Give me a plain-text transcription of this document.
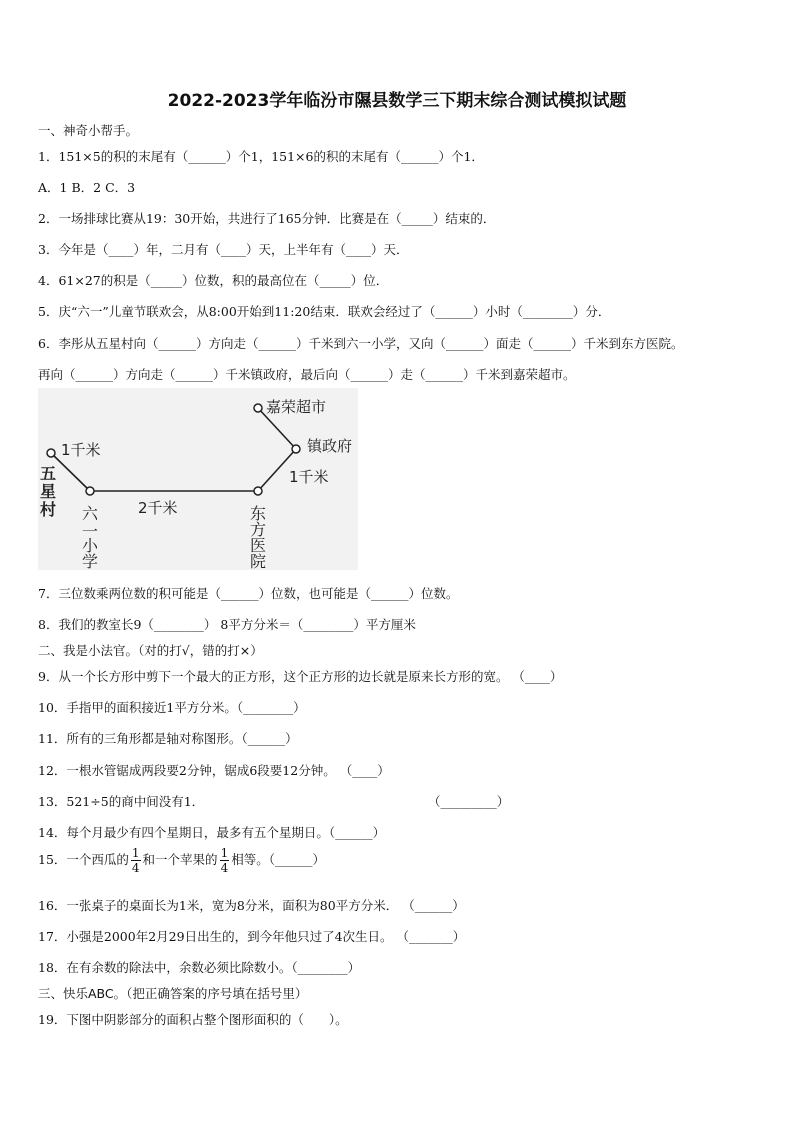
2022-2023学年临汾市隰县数学三下期末综合测试模拟试题
一、神奇小帮手。
1．151×5的积的末尾有（______）个1，151×6的积的末尾有（______）个1．
A．1 B．2 C．3
2．一场排球比赛从19：30开始，共进行了165分钟．比赛是在（_____）结束的．
3．今年是（____）年，二月有（____）天，上半年有（____）天．
4．61×27的积是（_____）位数，积的最高位在（_____）位．
5．庆“六一”儿童节联欢会，从8:00开始到11:20结束．联欢会经过了（______）小时（________）分．
6．李彤从五星村向（______）方向走（______）千米到六一小学，又向（______）面走（______）千米到东方医院。
再向（______）方向走（______）千米镇政府，最后向（______）走（______）千米到嘉荣超市。
嘉荣超市
镇政府
1千米
2千米
1千米
五
星
村 六
一
小
学
东
方
医
院
7．三位数乘两位数的积可能是（______）位数，也可能是（______）位数。
8．我们的教室长9（________） 8平方分米＝（________）平方厘米
二、我是小法官。（对的打√，错的打×）
9．从一个长方形中剪下一个最大的正方形，这个正方形的边长就是原来长方形的宽。 （____）
10．手指甲的面积接近1平方分米。（________）
11．所有的三角形都是轴对称图形。（______）
12．一根水管锯成两段要2分钟，锯成6段要12分钟。 （____）
13．521÷5的商中间没有1．	（_________）
14．每个月最少有四个星期日，最多有五个星期日。（______）
15．一个西瓜的 $\frac{1}{4}$ 和一个苹果的 $\frac{1}{4}$ 相等。（______）
16．一张桌子的桌面长为1米，宽为8分米，面积为80平方分米． （______）
17．小强是2000年2月29日出生的，到今年他只过了4次生日。 （_______）
18．在有余数的除法中，余数必须比除数小。（________）
三、快乐ABC。（把正确答案的序号填在括号里）
19．下图中阴影部分的面积占整个图形面积的（　　）。
